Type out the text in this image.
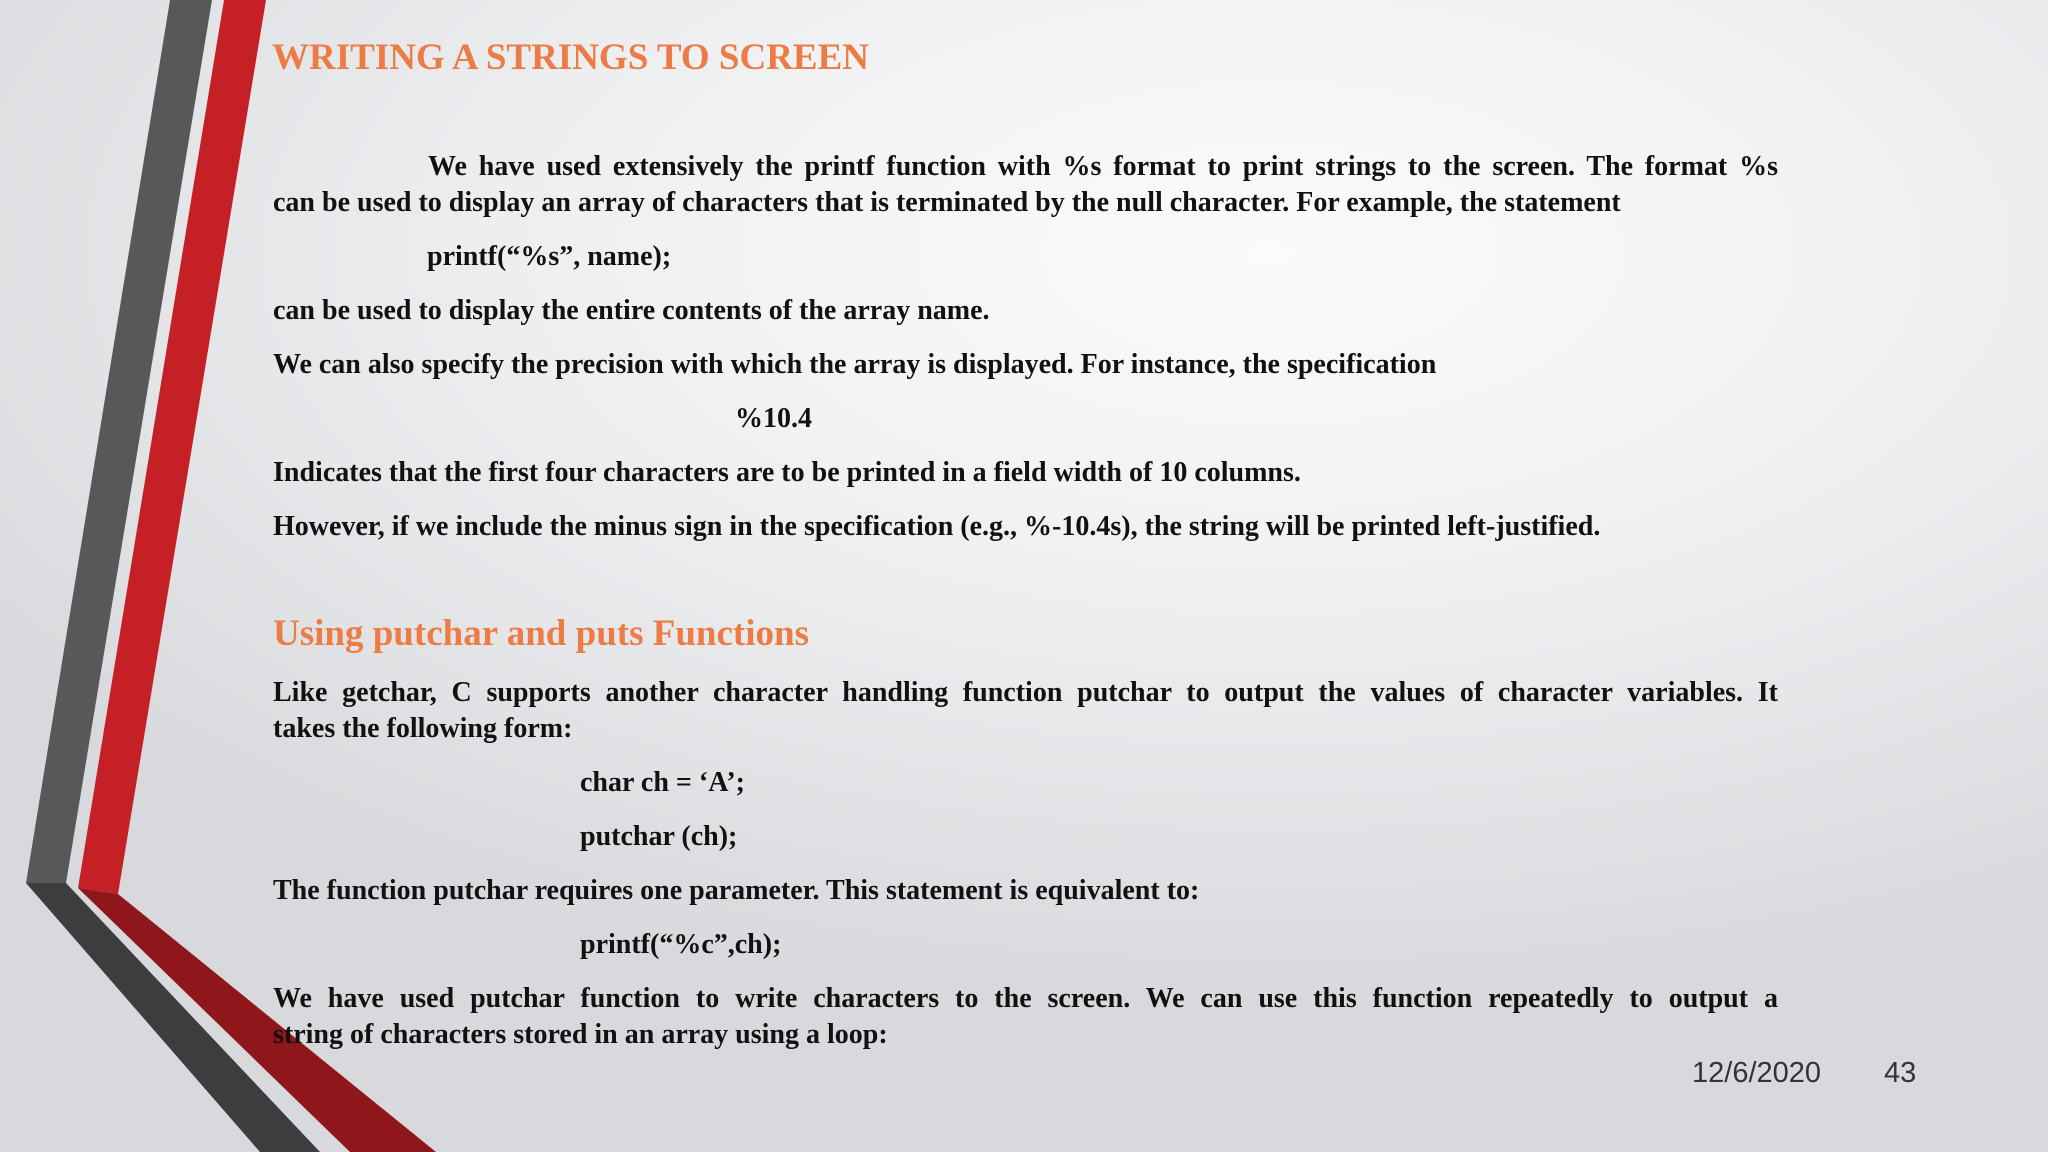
WRITING A STRINGS TO SCREEN

We have used extensively the printf function with %s format to print strings to the screen. The format %s

can be used to display an array of characters that is terminated by the null character. For example, the statement

printf(“%s”, name);

can be used to display the entire contents of the array name.

We can also specify the precision with which the array is displayed. For instance, the specification

%10.4

Indicates that the first four characters are to be printed in a field width of 10 columns.

However, if we include the minus sign in the specification (e.g., %-10.4s), the string will be printed left-justified.

Using putchar and puts Functions

Like getchar, C supports another character handling function putchar to output the values of character variables. It

takes the following form:

char ch = ‘A’;

putchar (ch);

The function putchar requires one parameter. This statement is equivalent to:

printf(“%c”,ch);

We have used putchar function to write characters to the screen. We can use this function repeatedly to output a

string of characters stored in an array using a loop:

12/6/2020 43
